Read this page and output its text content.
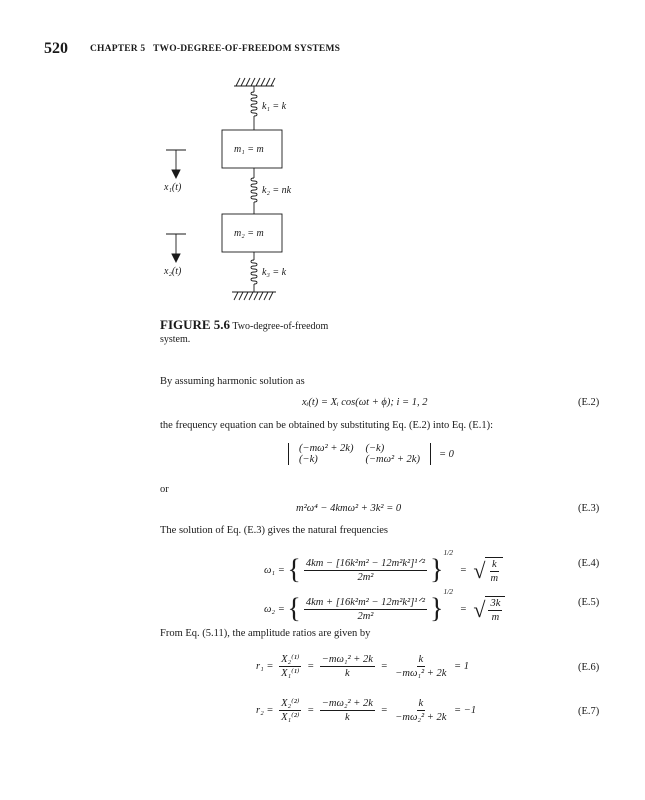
520 CHAPTER 5 TWO-DEGREE-OF-FREEDOM SYSTEMS
k₁ = k
m₁ = m
k₂ = nk
m₂ = m
k₃ = k
x₁(t)
x₂(t)
FIGURE 5.6 Two-degree-of-freedom system.
By assuming harmonic solution as
xᵢ(t) = Xᵢ cos(ωt + ϕ); i = 1, 2	(E.2)
the frequency equation can be obtained by substituting Eq. (E.2) into Eq. (E.1):
(−mω² + 2k)	(−k)
(−k)	(−mω² + 2k) = 0
or
m²ω⁴ − 4kmω² + 3k² = 0	(E.3)
The solution of Eq. (E.3) gives the natural frequencies
ω₁ = { $\frac{\text{4km − [16k²m² − 12m²k²]¹ᐟ²}}{\text{2m²}} \}^{1/2}$ = √ $\frac{k}{m}$	(E.4)
ω₂ = { $\frac{\text{4km + [16k²m² − 12m²k²]¹ᐟ²}}{\text{2m²}} \}^{1/2}$ = √ $\frac{3k}{m}$	(E.5)
From Eq. (5.11), the amplitude ratios are given by
$r_1 = \frac{\text{X₂⁽¹⁾}}{\text{X₁⁽¹⁾}} = \frac{\text{−mω₁² + 2k}}{k} = \frac{k}{\text{−mω₁² + 2k}} = 1$	(E.6)
$r_2 = \frac{\text{X₂⁽²⁾}}{\text{X₁⁽²⁾}} = \frac{\text{−mω₂² + 2k}}{k} = \frac{k}{\text{−mω₂² + 2k}} = -1$	(E.7)
